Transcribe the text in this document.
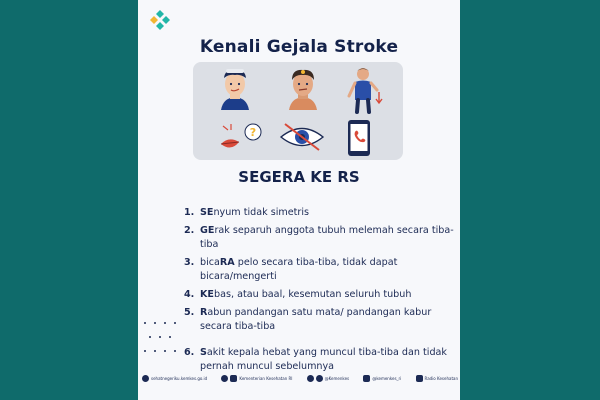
Kenali Gejala Stroke
?
SEGERA KE RS
1. SEnyum tidak simetris
2. GErak separuh anggota tubuh melemah secara tiba-tiba
3. bicaRA pelo secara tiba-tiba, tidak dapat bicara/mengerti
4. KEbas, atau baal, kesemutan seluruh tubuh
5. Rabun pandangan satu mata/ pandangan kabur secara tiba-tiba
6. Sakit kepala hebat yang muncul tiba-tiba dan tidak pernah muncul sebelumnya
sehatnegeriku.kemkes.go.id	Kementerian Kesehatan RI	@Kemenkes	@kemenkes_ri	Radio Kesehatan
